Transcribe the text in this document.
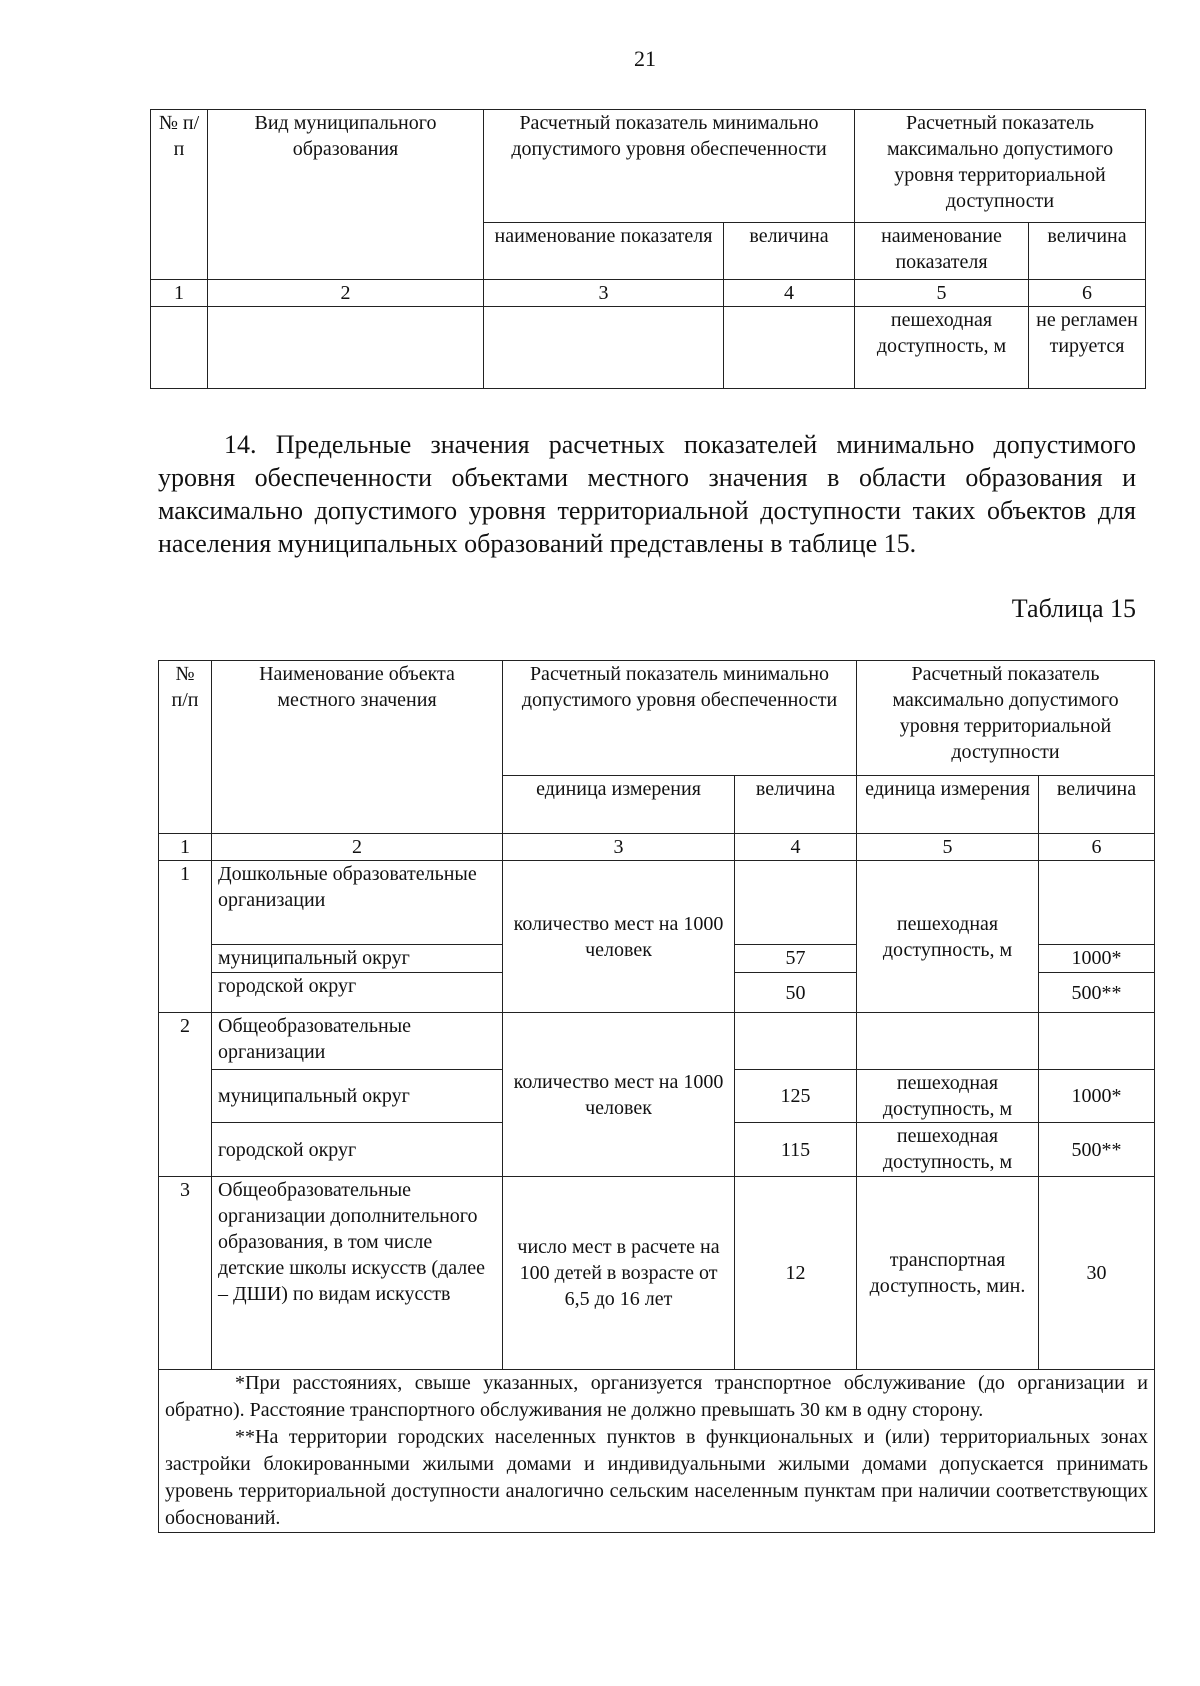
21
№ п/п	Вид муниципального образования	Расчетный показатель минимально допустимого уровня обеспеченности		Расчетный показатель максимально допустимого уровня территориальной доступности	
		наименование показателя	величина	наименование показателя	величина
1	2	3	4	5	6
				пешеходная доступность, м	не регламен тируется
14. Предельные значения расчетных показателей минимально допустимого уровня обеспеченности объектами местного значения в области образования и максимально допустимого уровня территориальной доступности таких объектов для населения муниципальных образований представлены в таблице 15.
Таблица 15
№ п/п	Наименование объекта местного значения	Расчетный показатель минимально допустимого уровня обеспеченности		Расчетный показатель максимально допустимого уровня территориальной доступности	
		единица измерения	величина	единица измерения	величина
1	2	3	4	5	6
1	Дошкольные образовательные организации	количество мест на 1000 человек		пешеходная доступность, м	
	муниципальный округ		57		1000*
	городской округ		50		500**
2	Общеобразовательные организации	количество мест на 1000 человек			
	муниципальный округ		125	пешеходная доступность, м	1000*
	городской округ		115	пешеходная доступность, м	500**
3	Общеобразовательные организации дополнительного образования, в том числе детские школы искусств (далее – ДШИ) по видам искусств	число мест в расчете на 100 детей в возрасте от 6,5 до 16 лет	12	транспортная доступность, мин.	30

*При расстояниях, свыше указанных, организуется транспортное обслуживание (до организации и обратно). Расстояние транспортного обслуживания не должно превышать 30 км в одну сторону.

**На территории городских населенных пунктов в функциональных и (или) территориальных зонах застройки блокированными жилыми домами и индивидуальными жилыми домами допускается принимать уровень территориальной доступности аналогично сельским населенным пунктам при наличии соответствующих обоснований.					
